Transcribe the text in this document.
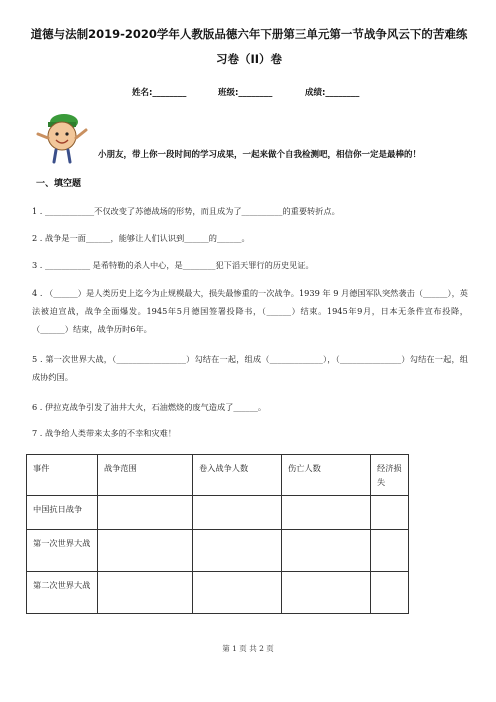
道德与法制2019-2020学年人教版品德六年下册第三单元第一节战争风云下的苦难练
习卷（II）卷
姓名:________	班级:________	成绩:________
小朋友，带上你一段时间的学习成果，一起来做个自我检测吧，相信你一定是最棒的！
一、填空题
1 . ____________不仅改变了苏德战场的形势，而且成为了__________的重要转折点。
2 . 战争是一面______，能够让人们认识到______的______。
3 . ___________ 是希特勒的杀人中心，是________犯下滔天罪行的历史见证。
4 . （______）是人类历史上迄今为止规模最大，损失最惨重的一次战争。1939 年 9 月德国军队突然袭击（______），英法被迫宣战，战争全面爆发。1945年5月德国签署投降书，（______）结束。1945年9月，日本无条件宣布投降，（______）结束，战争历时6年。
5 . 第一次世界大战，（_________________）勾结在一起，组成（_____________），（_______________）勾结在一起，组成协约国。
6 . 伊拉克战争引发了油井大火，石油燃烧的废气造成了______。
7 . 战争给人类带来太多的不幸和灾难！
事件	战争范围	卷入战争人数	伤亡人数	经济损失
中国抗日战争				
第一次世界大战				
第二次世界大战				
第 1 页 共 2 页
